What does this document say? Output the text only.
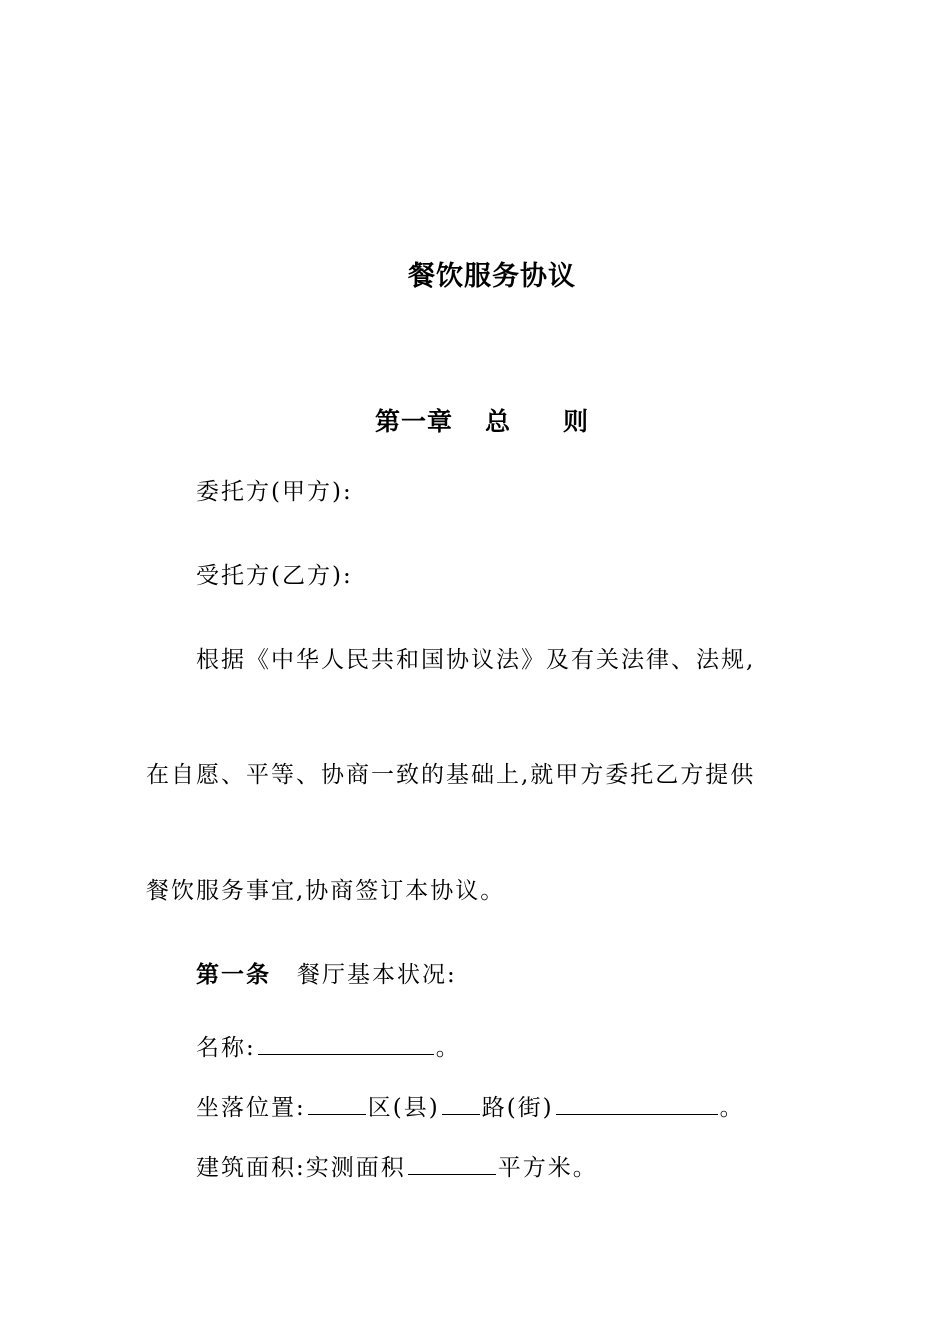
餐饮服务协议
第一章 总 则
委托方(甲方):
受托方(乙方):
根据《中华人民共和国协议法》及有关法律、法规,
在自愿、平等、协商一致的基础上,就甲方委托乙方提供
餐饮服务事宜,协商签订本协议。
第一条 餐厅基本状况:
名称:	。
坐落位置:	区(县) 路(街)	。
建筑面积:实测面积	平方米。
